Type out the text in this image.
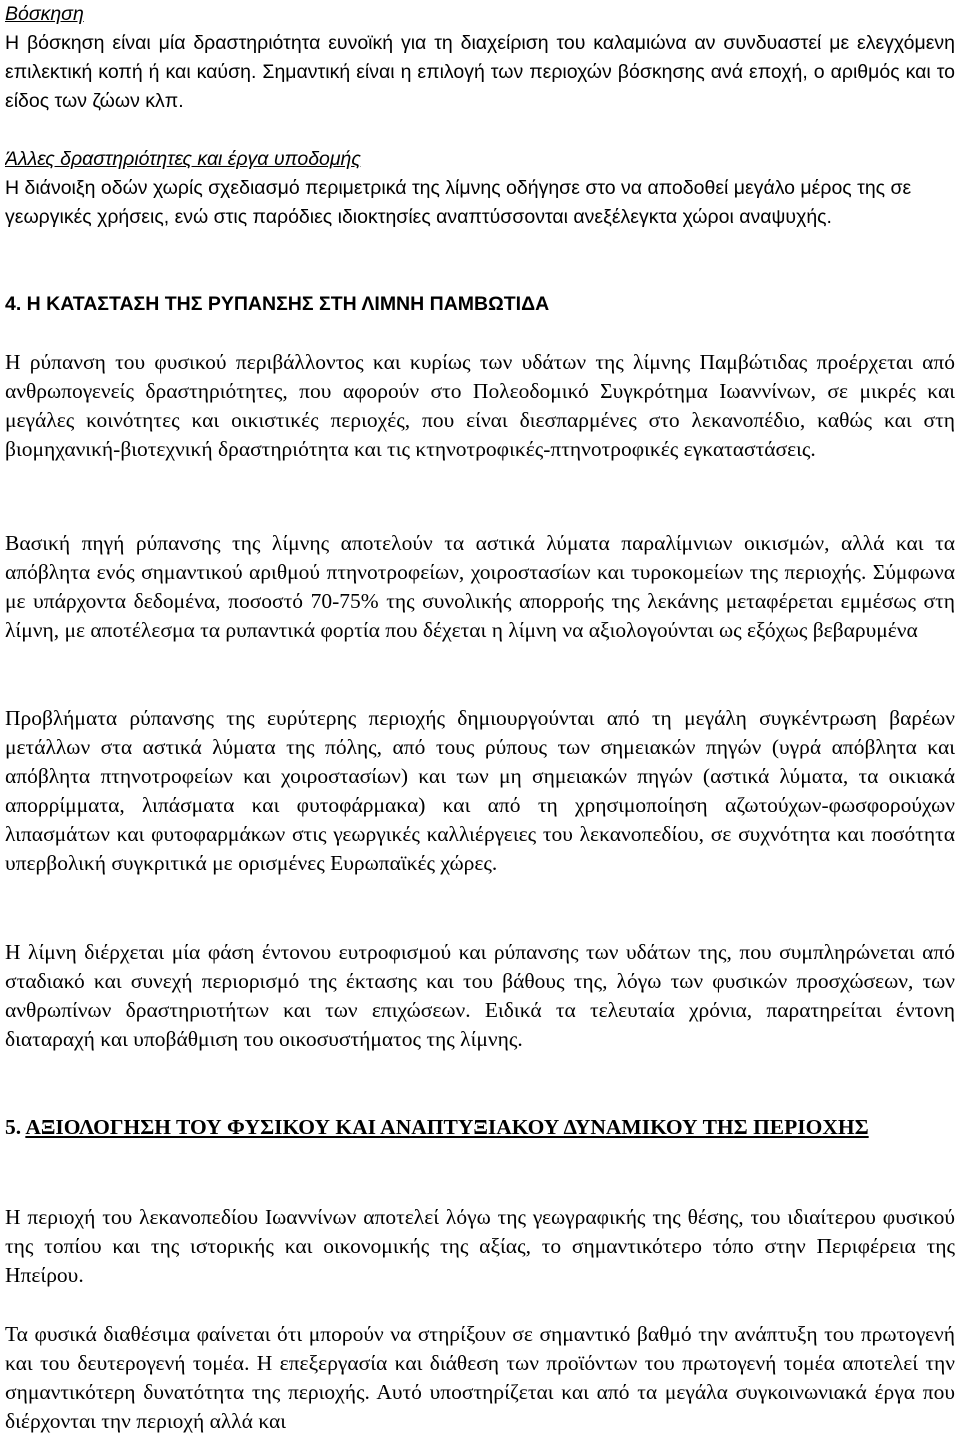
Βόσκηση
Η βόσκηση είναι μία δραστηριότητα ευνοϊκή για τη διαχείριση του καλαμιώνα αν συνδυαστεί με ελεγχόμενη επιλεκτική κοπή ή και καύση. Σημαντική είναι η επιλογή των περιοχών βόσκησης ανά εποχή, ο αριθμός και το είδος των ζώων κλπ.
Άλλες δραστηριότητες και έργα υποδομής
Η διάνοιξη οδών χωρίς σχεδιασμό περιμετρικά της λίμνης οδήγησε στο να αποδοθεί μεγάλο μέρος της σε γεωργικές χρήσεις, ενώ στις παρόδιες ιδιοκτησίες αναπτύσσονται ανεξέλεγκτα χώροι αναψυχής.
4. Η ΚΑΤΑΣΤΑΣΗ ΤΗΣ ΡΥΠΑΝΣΗΣ ΣΤΗ ΛΙΜΝΗ ΠΑΜΒΩΤΙΔΑ

Η ρύπανση του φυσικού περιβάλλοντος και κυρίως των υδάτων της λίμνης Παμβώτιδας προέρχεται από ανθρωπογενείς δραστηριότητες, που αφορούν στο Πολεοδομικό Συγκρότημα Ιωαννίνων, σε μικρές και μεγάλες κοινότητες και οικιστικές περιοχές, που είναι διεσπαρμένες στο λεκανοπέδιο, καθώς και στη βιομηχανική-βιοτεχνική δραστηριότητα και τις κτηνοτροφικές-πτηνοτροφικές εγκαταστάσεις.

Βασική πηγή ρύπανσης της λίμνης αποτελούν τα αστικά λύματα παραλίμνιων οικισμών, αλλά και τα απόβλητα ενός σημαντικού αριθμού πτηνοτροφείων, χοιροστασίων και τυροκομείων της περιοχής. Σύμφωνα με υπάρχοντα δεδομένα, ποσοστό 70-75% της συνολικής απορροής της λεκάνης μεταφέρεται εμμέσως στη λίμνη, με αποτέλεσμα τα ρυπαντικά φορτία που δέχεται η λίμνη να αξιολογούνται ως εξόχως βεβαρυμένα

Προβλήματα ρύπανσης της ευρύτερης περιοχής δημιουργούνται από τη μεγάλη συγκέντρωση βαρέων μετάλλων στα αστικά λύματα της πόλης, από τους ρύπους των σημειακών πηγών (υγρά απόβλητα και απόβλητα πτηνοτροφείων και χοιροστασίων) και των μη σημειακών πηγών (αστικά λύματα, τα οικιακά απορρίμματα, λιπάσματα και φυτοφάρμακα) και από τη χρησιμοποίηση αζωτούχων-φωσφορούχων λιπασμάτων και φυτοφαρμάκων στις γεωργικές καλλιέργειες του λεκανοπεδίου, σε συχνότητα και ποσότητα υπερβολική συγκριτικά με ορισμένες Ευρωπαϊκές χώρες.

Η λίμνη διέρχεται μία φάση έντονου ευτροφισμού και ρύπανσης των υδάτων της, που συμπληρώνεται από σταδιακό και συνεχή περιορισμό της έκτασης και του βάθους της, λόγω των φυσικών προσχώσεων, των ανθρωπίνων δραστηριοτήτων και των επιχώσεων. Ειδικά τα τελευταία χρόνια, παρατηρείται έντονη διαταραχή και υποβάθμιση του οικοσυστήματος της λίμνης.

5. ΑΞΙΟΛΟΓΗΣΗ ΤΟΥ ΦΥΣΙΚΟΥ ΚΑΙ ΑΝΑΠΤΥΞΙΑΚΟΥ ΔΥΝΑΜΙΚΟΥ ΤΗΣ ΠΕΡΙΟΧΗΣ

Η περιοχή του λεκανοπεδίου Ιωαννίνων αποτελεί λόγω της γεωγραφικής της θέσης, του ιδιαίτερου φυσικού της τοπίου και της ιστορικής και οικονομικής της αξίας, το σημαντικότερο τόπο στην Περιφέρεια της Ηπείρου.

Τα φυσικά διαθέσιμα φαίνεται ότι μπορούν να στηρίξουν σε σημαντικό βαθμό την ανάπτυξη του πρωτογενή και του δευτερογενή τομέα. Η επεξεργασία και διάθεση των προϊόντων του πρωτογενή τομέα αποτελεί την σημαντικότερη δυνατότητα της περιοχής. Αυτό υποστηρίζεται και από τα μεγάλα συγκοινωνιακά έργα που διέρχονται την περιοχή αλλά και
